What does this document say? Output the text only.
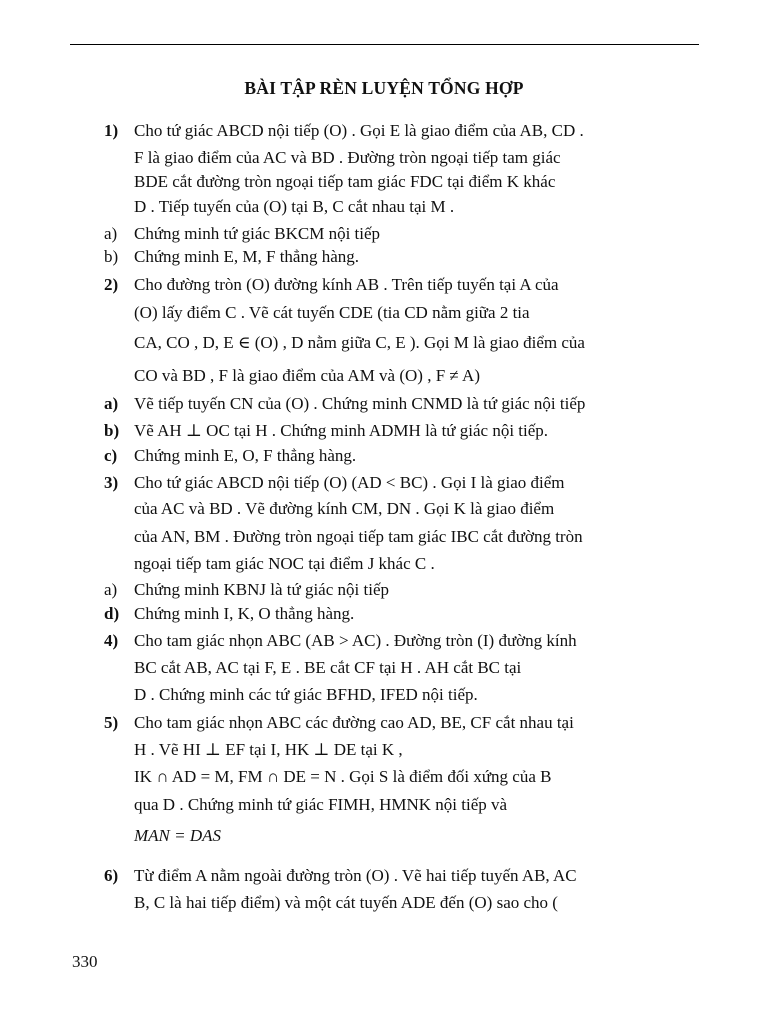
BÀI TẬP RÈN LUYỆN TỔNG HỢP
1) Cho tứ giác ABCD nội tiếp (O) . Gọi E là giao điểm của AB, CD .
F là giao điểm của AC và BD . Đường tròn ngoại tiếp tam giác
BDE cắt đường tròn ngoại tiếp tam giác FDC tại điểm K khác
D . Tiếp tuyến của (O) tại B, C cắt nhau tại M .
a) Chứng minh tứ giác BKCM nội tiếp
b) Chứng minh E, M, F thẳng hàng.
2) Cho đường tròn (O) đường kính AB . Trên tiếp tuyến tại A của
(O) lấy điểm C . Vẽ cát tuyến CDE (tia CD nằm giữa 2 tia
CA, CO , D, E ∈ (O) , D nằm giữa C, E ). Gọi M là giao điểm của
CO và BD , F là giao điểm của AM và (O) , F ≠ A)
a) Vẽ tiếp tuyến CN của (O) . Chứng minh CNMD là tứ giác nội tiếp
b) Vẽ AH ⊥ OC tại H . Chứng minh ADMH là tứ giác nội tiếp.
c) Chứng minh E, O, F thẳng hàng.
3) Cho tứ giác ABCD nội tiếp (O) (AD < BC) . Gọi I là giao điểm
của AC và BD . Vẽ đường kính CM, DN . Gọi K là giao điểm
của AN, BM . Đường tròn ngoại tiếp tam giác IBC cắt đường tròn
ngoại tiếp tam giác NOC tại điểm J khác C .
a) Chứng minh KBNJ là tứ giác nội tiếp
d) Chứng minh I, K, O thẳng hàng.
4) Cho tam giác nhọn ABC (AB > AC) . Đường tròn (I) đường kính
BC cắt AB, AC tại F, E . BE cắt CF tại H . AH cắt BC tại
D . Chứng minh các tứ giác BFHD, IFED nội tiếp.
5) Cho tam giác nhọn ABC các đường cao AD, BE, CF cắt nhau tại
H . Vẽ HI ⊥ EF tại I, HK ⊥ DE tại K ,
IK ∩ AD = M, FM ∩ DE = N . Gọi S là điểm đối xứng của B
qua D . Chứng minh tứ giác FIMH, HMNK nội tiếp và
MAN = DAS
6) Từ điểm A nằm ngoài đường tròn (O) . Vẽ hai tiếp tuyến AB, AC
B, C là hai tiếp điểm) và một cát tuyến ADE đến (O) sao cho (
330
